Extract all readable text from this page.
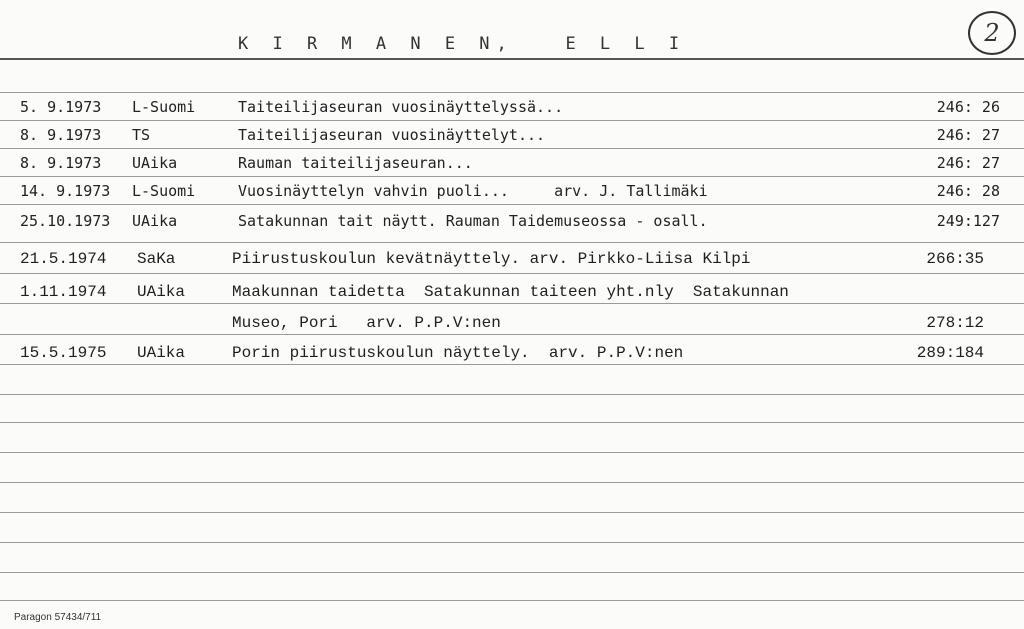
K I R M A N E N,   E L L I	2
5. 9.1973 L-Suomi	Taiteilijaseuran vuosinäyttelyssä...	246: 26
8. 9.1973 TS	Taiteilijaseuran vuosinäyttelyt...	246: 27
8. 9.1973 UAika	Rauman taiteilijaseuran...	246: 27
14. 9.1973 L-Suomi	Vuosinäyttelyn vahvin puoli...     arv. J. Tallimäki	246: 28
25.10.1973 UAika	Satakunnan tait näytt. Rauman Taidemuseossa - osall.	249:127
21.5.1974 SaKa	Piirustuskoulun kevätnäyttely. arv. Pirkko-Liisa Kilpi	266:35
1.11.1974 UAika	Maakunnan taidetta  Satakunnan taiteen yht.nly  Satakunnan
Museo, Pori   arv. P.P.V:nen	278:12
15.5.1975 UAika	Porin piirustuskoulun näyttely.  arv. P.P.V:nen	289:184
Paragon 57434/711
